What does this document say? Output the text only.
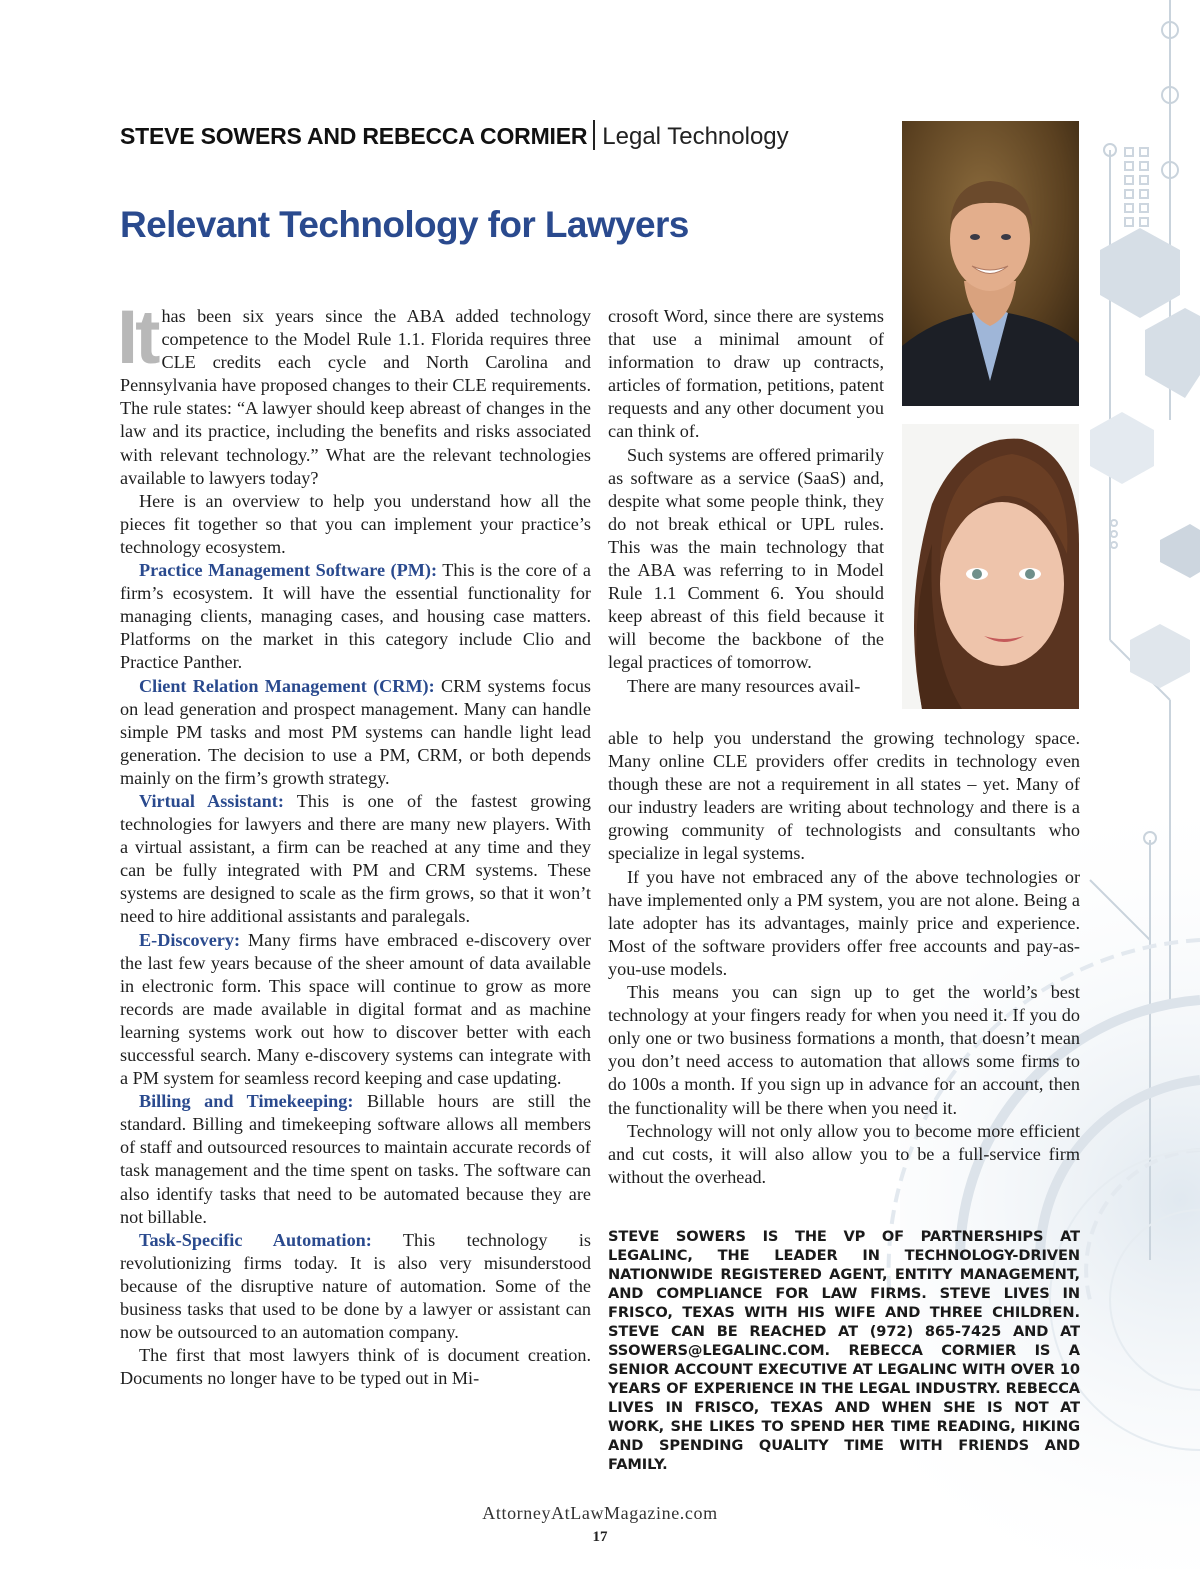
STEVE SOWERS AND REBECCA CORMIER Legal Technology
Relevant Technology for Lawyers

It has been six years since the ABA added technology competence to the Model Rule 1.1. Florida requires three CLE credits each cycle and North Carolina and Pennsylvania have proposed changes to their CLE requirements. The rule states: “A lawyer should keep abreast of changes in the law and its practice, including the benefits and risks associated with relevant technology.” What are the relevant technologies available to lawyers today?

Here is an overview to help you understand how all the pieces fit together so that you can implement your practice’s technology ecosystem.

Practice Management Software (PM): This is the core of a firm’s ecosystem. It will have the essential functionality for managing clients, managing cases, and housing case matters. Platforms on the market in this category include Clio and Practice Panther.

Client Relation Management (CRM): CRM systems focus on lead generation and prospect management. Many can handle simple PM tasks and most PM systems can handle light lead generation. The decision to use a PM, CRM, or both depends mainly on the firm’s growth strategy.

Virtual Assistant: This is one of the fastest growing technologies for lawyers and there are many new players. With a virtual assistant, a firm can be reached at any time and they can be fully integrated with PM and CRM systems. These systems are designed to scale as the firm grows, so that it won’t need to hire additional assistants and paralegals.

E-Discovery: Many firms have embraced e-discovery over the last few years because of the sheer amount of data available in electronic form. This space will continue to grow as more records are made available in digital format and as machine learning systems work out how to discover better with each successful search. Many e-discovery systems can integrate with a PM system for seamless record keeping and case updating.

Billing and Timekeeping: Billable hours are still the standard. Billing and timekeeping software allows all members of staff and outsourced resources to maintain accurate records of task management and the time spent on tasks. The software can also identify tasks that need to be automated because they are not billable.

Task-Specific Automation: This technology is revolutionizing firms today. It is also very misunderstood because of the disruptive nature of automation. Some of the business tasks that used to be done by a lawyer or assistant can now be outsourced to an automation company.

The first that most lawyers think of is document creation. Documents no longer have to be typed out in Mi-

crosoft Word, since there are systems that use a minimal amount of information to draw up contracts, articles of formation, petitions, patent requests and any other document you can think of.

Such systems are offered primarily as software as a service (SaaS) and, despite what some people think, they do not break ethical or UPL rules. This was the main technology that the ABA was referring to in Model Rule 1.1 Comment 6. You should keep abreast of this field because it will become the backbone of the legal practices of tomorrow.

There are many resources avail-

able to help you understand the growing technology space. Many online CLE providers offer credits in technology even though these are not a requirement in all states – yet. Many of our industry leaders are writing about technology and there is a growing community of technologists and consultants who specialize in legal systems.

If you have not embraced any of the above technologies or have implemented only a PM system, you are not alone. Being a late adopter has its advantages, mainly price and experience. Most of the software providers offer free accounts and pay-as-you-use models.

This means you can sign up to get the world’s best technology at your fingers ready for when you need it. If you do only one or two business formations a month, that doesn’t mean you don’t need access to automation that allows some firms to do 100s a month. If you sign up in advance for an account, then the functionality will be there when you need it.

Technology will not only allow you to become more efficient and cut costs, it will also allow you to be a full-service firm without the overhead.

STEVE SOWERS IS THE VP OF PARTNERSHIPS AT LEGALINC, THE LEADER IN TECHNOLOGY-DRIVEN NATIONWIDE REGISTERED AGENT, ENTITY MANAGEMENT, AND COMPLIANCE FOR LAW FIRMS. STEVE LIVES IN FRISCO, TEXAS WITH HIS WIFE AND THREE CHILDREN. STEVE CAN BE REACHED AT (972) 865-7425 AND AT SSOWERS@LEGALINC.COM. REBECCA CORMIER IS A SENIOR ACCOUNT EXECUTIVE AT LEGALINC WITH OVER 10 YEARS OF EXPERIENCE IN THE LEGAL INDUSTRY. REBECCA LIVES IN FRISCO, TEXAS AND WHEN SHE IS NOT AT WORK, SHE LIKES TO SPEND HER TIME READING, HIKING AND SPENDING QUALITY TIME WITH FRIENDS AND FAMILY.
AttorneyAtLawMagazine.com
17
